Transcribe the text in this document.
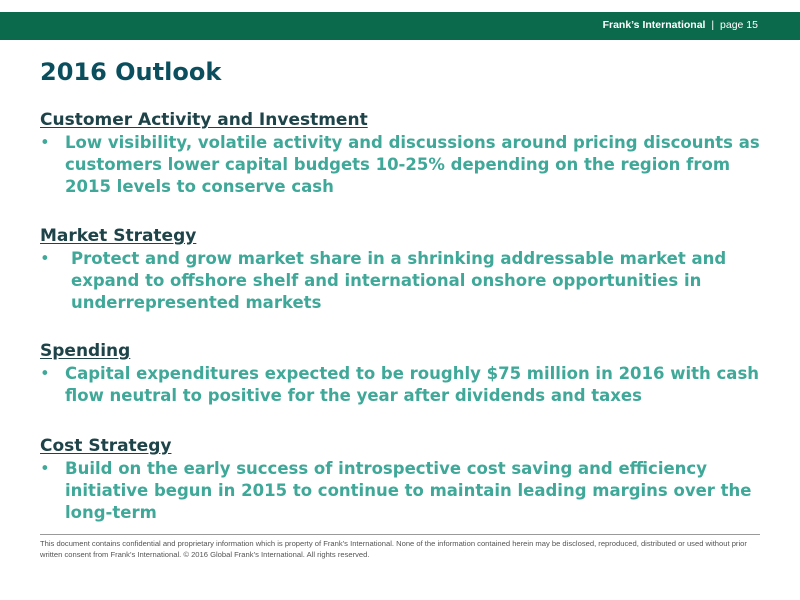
Frank’s International | page 15
2016 Outlook

Customer Activity and Investment

• Low visibility, volatile activity and discussions around pricing discounts as customers lower capital budgets 10-25% depending on the region from 2015 levels to conserve cash

Market Strategy

•	Protect and grow market share in a shrinking addressable market and expand to offshore shelf and international onshore opportunities in underrepresented markets

Spending

• Capital expenditures expected to be roughly $75 million in 2016 with cash flow neutral to positive for the year after dividends and taxes

Cost Strategy

• Build on the early success of introspective cost saving and efficiency initiative begun in 2015 to continue to maintain leading margins over the long-term

This document contains confidential and proprietary information which is property of Frank’s International. None of the information contained herein may be disclosed, reproduced, distributed or used without prior written consent from Frank’s International. © 2016 Global Frank’s International. All rights reserved.
